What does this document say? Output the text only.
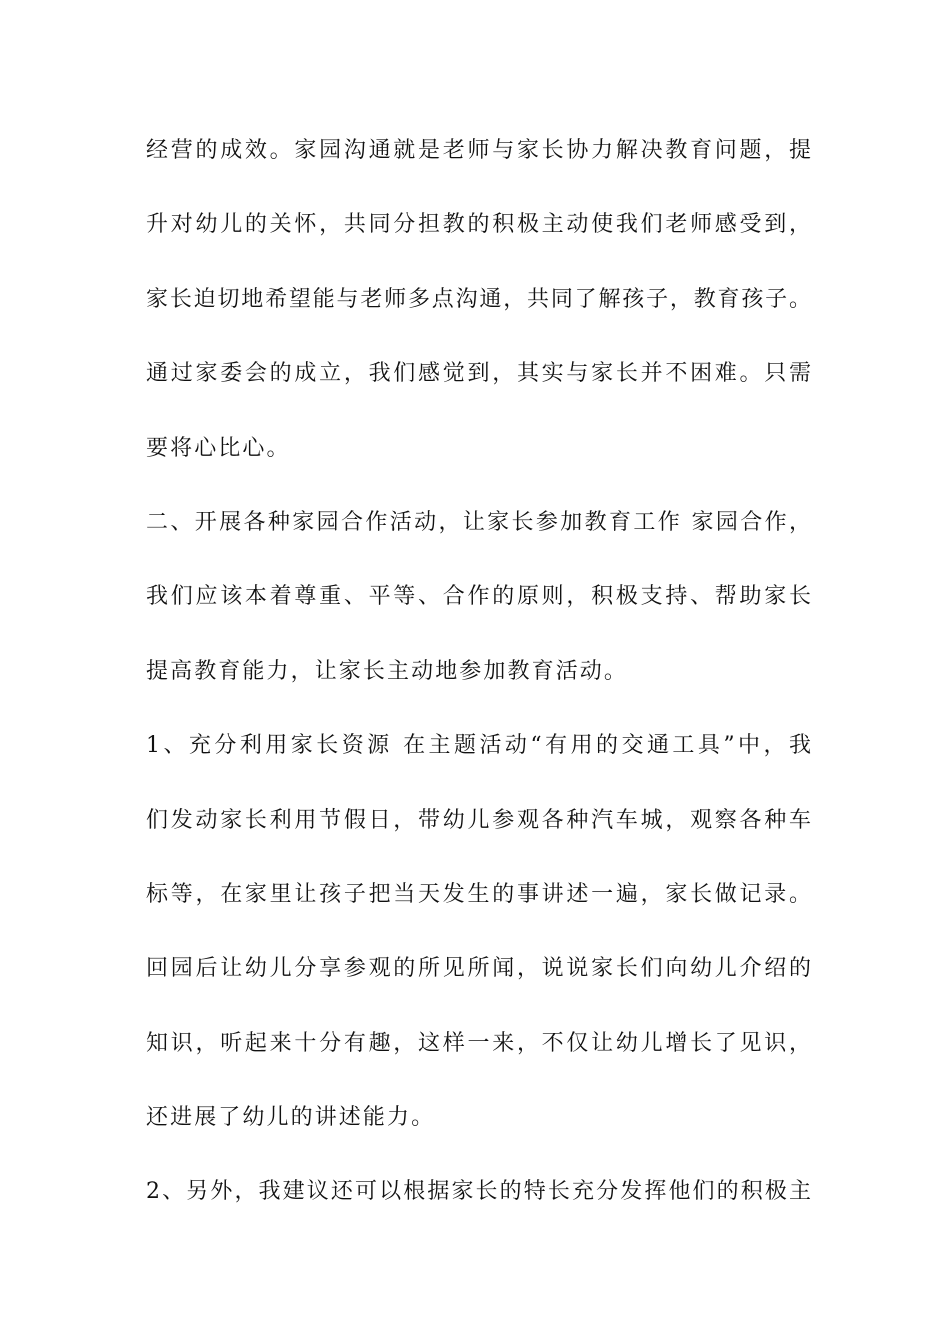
经营的成效。家园沟通就是老师与家长协力解决教育问题，提
升对幼儿的关怀，共同分担教的积极主动使我们老师感受到，
家长迫切地希望能与老师多点沟通，共同了解孩子，教育孩子。
通过家委会的成立，我们感觉到，其实与家长并不困难。只需
要将心比心。
二、开展各种家园合作活动，让家长参加教育工作 家园合作，
我们应该本着尊重、平等、合作的原则，积极支持、帮助家长
提高教育能力，让家长主动地参加教育活动。
1、充分利用家长资源 在主题活动“有用的交通工具”中，我
们发动家长利用节假日，带幼儿参观各种汽车城，观察各种车
标等，在家里让孩子把当天发生的事讲述一遍，家长做记录。
回园后让幼儿分享参观的所见所闻，说说家长们向幼儿介绍的
知识，听起来十分有趣，这样一来，不仅让幼儿增长了见识，
还进展了幼儿的讲述能力。
2、另外，我建议还可以根据家长的特长充分发挥他们的积极主
